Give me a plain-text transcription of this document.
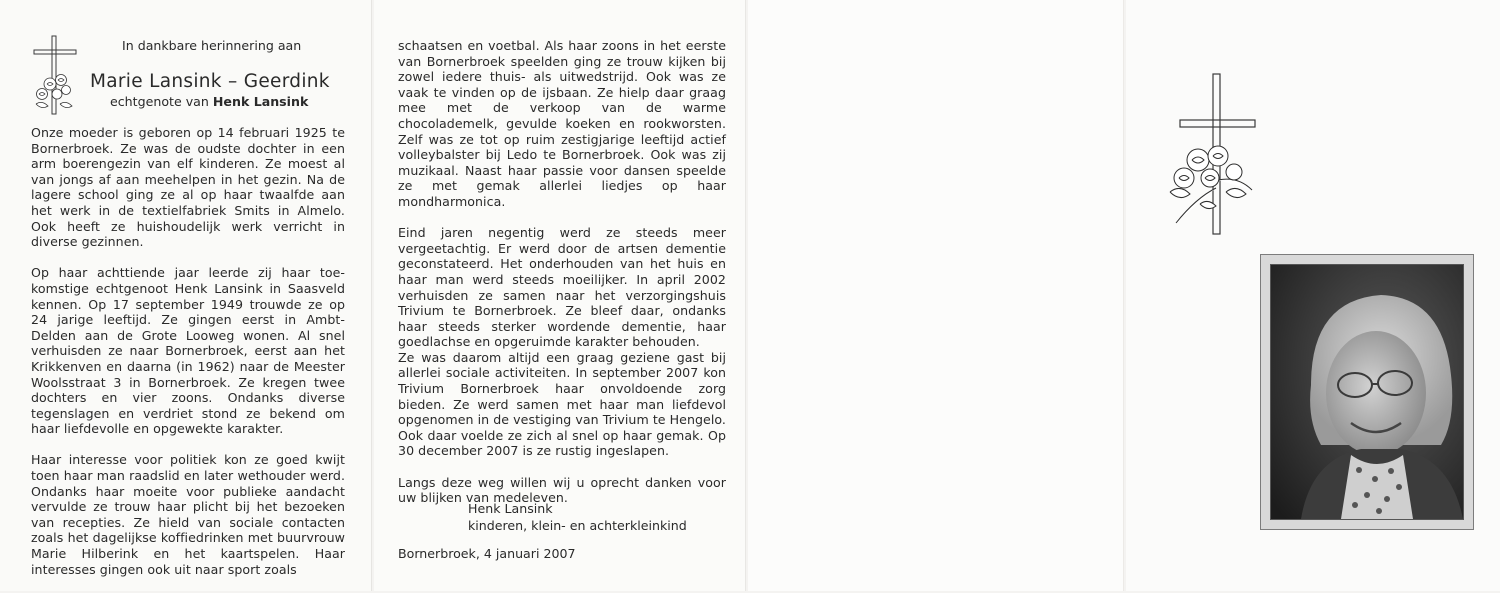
In dankbare herinnering aan
Marie Lansink – Geerdink
echtgenote van Henk Lansink

Onze moeder is geboren op 14 februari 1925 te Bornerbroek. Ze was de oudste dochter in een arm boerengezin van elf kinderen. Ze moest al van jongs af aan meehelpen in het gezin. Na de lagere school ging ze al op haar twaalfde aan het werk in de textielfabriek Smits in Almelo. Ook heeft ze huishoudelijk werk verricht in diverse gezinnen.

Op haar achttiende jaar leerde zij haar toe-komstige echtgenoot Henk Lansink in Saasveld kennen. Op 17 september 1949 trouwde ze op 24 jarige leeftijd. Ze gingen eerst in Ambt-Delden aan de Grote Looweg wonen. Al snel verhuisden ze naar Bornerbroek, eerst aan het Krikkenven en daarna (in 1962) naar de Meester Woolsstraat 3 in Bornerbroek. Ze kregen twee dochters en vier zoons. Ondanks diverse tegenslagen en verdriet stond ze bekend om haar liefdevolle en opgewekte karakter.

Haar interesse voor politiek kon ze goed kwijt toen haar man raadslid en later wethouder werd. Ondanks haar moeite voor publieke aandacht vervulde ze trouw haar plicht bij het bezoeken van recepties. Ze hield van sociale contacten zoals het dagelijkse koffiedrinken met buurvrouw Marie Hilberink en het kaartspelen. Haar interesses gingen ook uit naar sport zoals

schaatsen en voetbal. Als haar zoons in het eerste van Bornerbroek speelden ging ze trouw kijken bij zowel iedere thuis- als uitwedstrijd. Ook was ze vaak te vinden op de ijsbaan. Ze hielp daar graag mee met de verkoop van de warme chocolademelk, gevulde koeken en rookworsten. Zelf was ze tot op ruim zestigjarige leeftijd actief volleybalster bij Ledo te Bornerbroek. Ook was zij muzikaal. Naast haar passie voor dansen speelde ze met gemak allerlei liedjes op haar mondharmonica.

Eind jaren negentig werd ze steeds meer vergeetachtig. Er werd door de artsen dementie geconstateerd. Het onderhouden van het huis en haar man werd steeds moeilijker. In april 2002 verhuisden ze samen naar het verzorgingshuis Trivium te Bornerbroek. Ze bleef daar, ondanks haar steeds sterker wordende dementie, haar goedlachse en opgeruimde karakter behouden.

Ze was daarom altijd een graag geziene gast bij allerlei sociale activiteiten. In september 2007 kon Trivium Bornerbroek haar onvoldoende zorg bieden. Ze werd samen met haar man liefdevol opgenomen in de vestiging van Trivium te Hengelo. Ook daar voelde ze zich al snel op haar gemak. Op 30 december 2007 is ze rustig ingeslapen.

Langs deze weg willen wij u oprecht danken voor uw blijken van medeleven.

Henk Lansink
kinderen, klein- en achterkleinkind
Bornerbroek, 4 januari 2007
